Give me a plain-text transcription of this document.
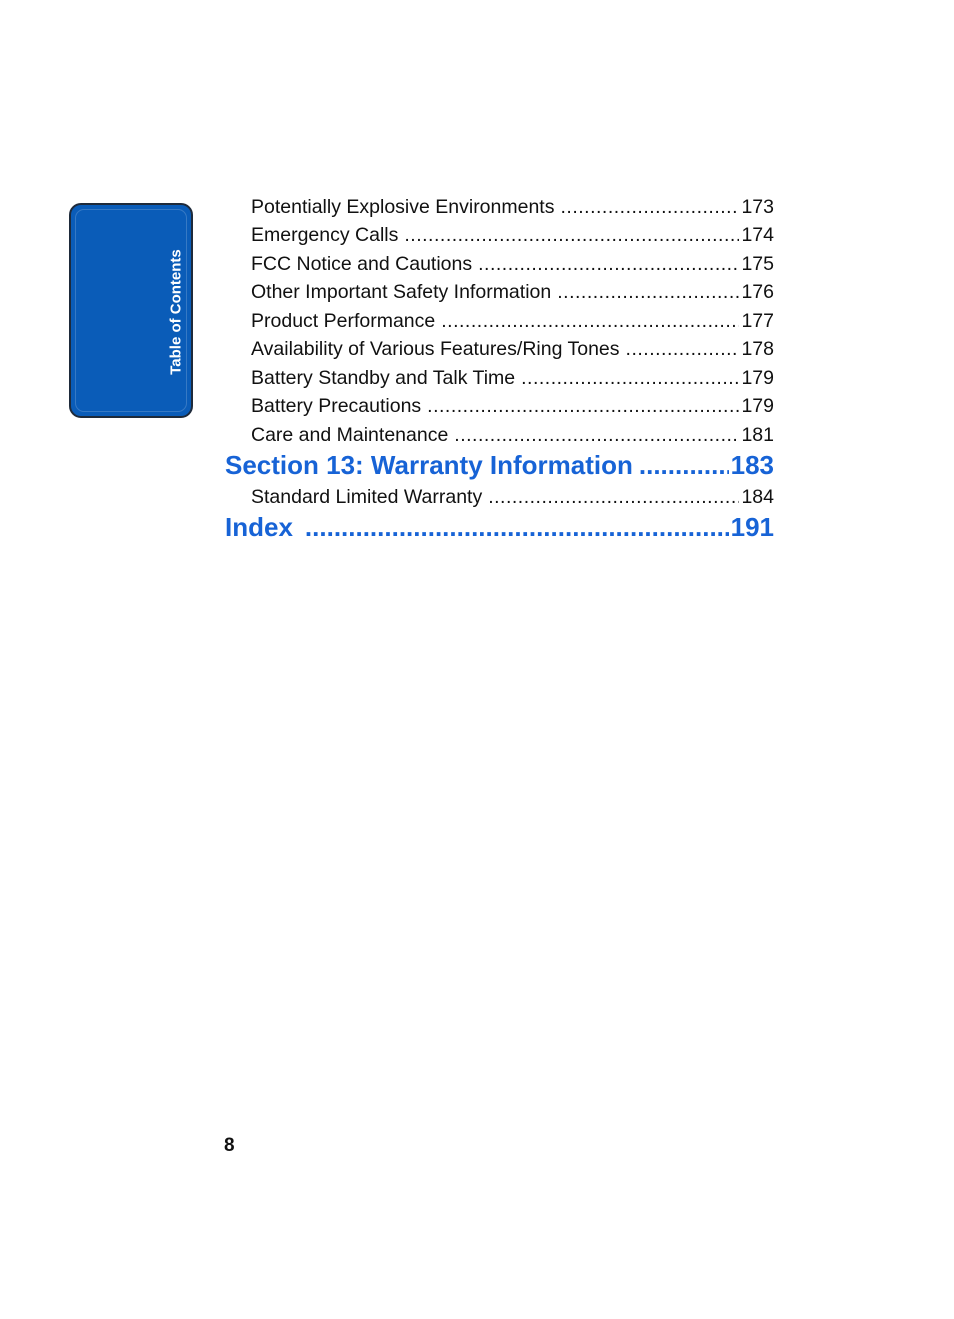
Table of Contents
Potentially Explosive Environments .....	173
Emergency Calls .....	174
FCC Notice and Cautions .....	175
Other Important Safety Information .....	176
Product Performance .....	177
Availability of Various Features/Ring Tones .....	178
Battery Standby and Talk Time .....	179
Battery Precautions .....	179
Care and Maintenance .....	181
Section 13: Warranty Information .....	183
Standard Limited Warranty .....	184
Index .....	191
8
